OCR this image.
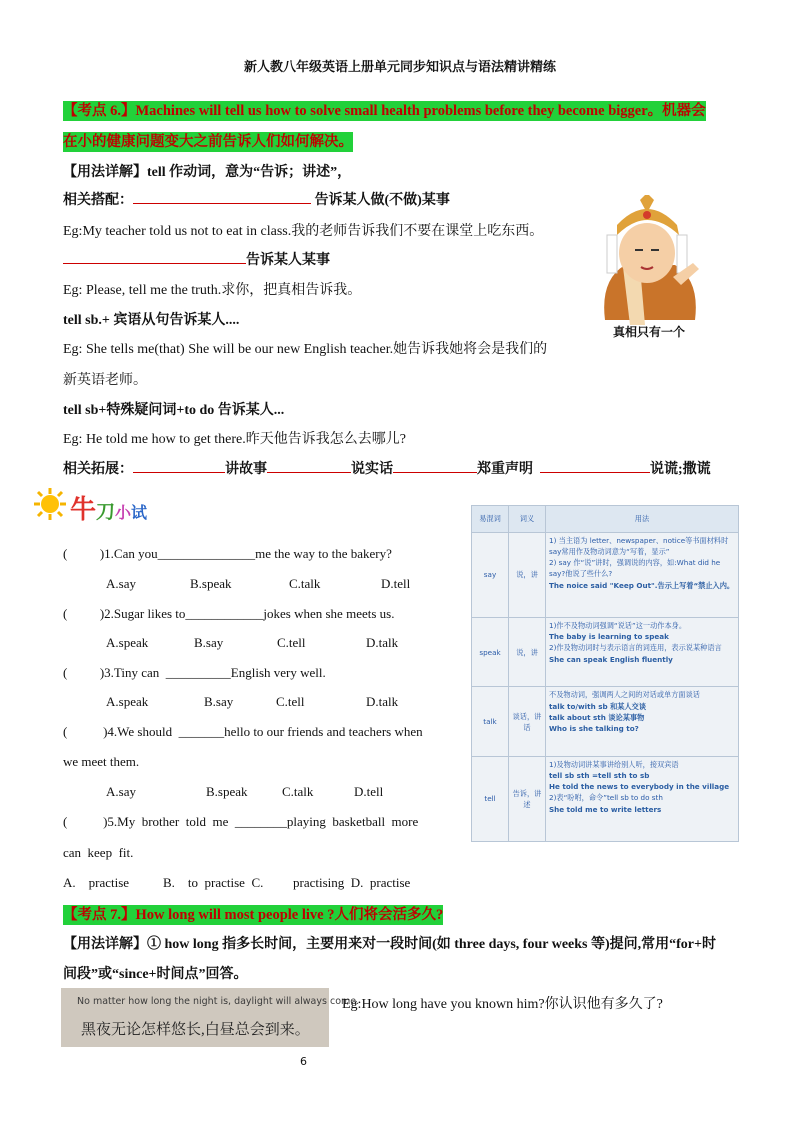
新人教八年级英语上册单元同步知识点与语法精讲精练
【考点 6.】Machines will tell us how to solve small health problems before they become bigger。机器会
在小的健康问题变大之前告诉人们如何解决。
【用法详解】tell 作动词，意为“告诉；讲述”，
相关搭配：	告诉某人做(不做)某事
Eg:My teacher told us not to eat in class.我的老师告诉我们不要在课堂上吃东西。
告诉某人某事
Eg: Please, tell me the truth.求你，把真相告诉我。
tell sb.+ 宾语从句告诉某人....
Eg: She tells me(that) She will be our new English teacher.她告诉我她将会是我们的
新英语老师。
tell sb+特殊疑问词+to do 告诉某人...
Eg: He told me how to get there.昨天他告诉我怎么去哪儿?
相关拓展：	讲故事	说实话	郑重声明	说谎;撒谎
真相只有一个
牛刀小试
(          )1.Can you_______________me the way to the bakery?
A.say	B.speak	C.talk	D.tell
(          )2.Sugar likes to____________jokes when she meets us.
A.speak	B.say	C.tell	D.talk
(          )3.Tiny can  __________English very well.
A.speak	B.say	C.tell	D.talk
(           )4.We should  _______hello to our friends and teachers when
we meet them.
A.say	B.speak	C.talk	D.tell
(           )5.My  brother  told  me  ________playing  basketball  more
can  keep  fit.
A.    practise	B.    to  practise  C. practising  D.  practise
易混词	词义	用法
say	说，讲	1) 当主语为 letter、newspaper、notice等书面材料时
say常用作及物动词意为“写着，显示”
2) say 作“说”讲时，强调说的内容，如:What did he
say?他说了些什么?
The noice said "Keep Out".告示上写着“禁止入内。

speak	说，讲	1)作不及物动词强调“说话”这一动作本身。
The baby is learning to speak
2)作及物动词时与表示语言的词连用，表示说某种语言
She can speak English fluently

talk	谈话，讲话	不及物动词，强调两人之间的对话或单方面谈话
talk to/with sb 和某人交谈
talk about sth 谈论某事物
Who is she talking to?

tell	告诉，讲述	1)及物动词讲某事讲给别人听，接双宾语
tell sb sth =tell sth to sb
He told the news to everybody in the village
2)表“吩咐，命令”tell sb to do sth
She told me to write letters
【考点 7.】How long will most people live ?人们将会活多久?
【用法详解】① how long 指多长时间，主要用来对一段时间(如 three days, four weeks 等)提问,常用“for+时
间段”或“since+时间点”回答。
No matter how long the night is, daylight will always come.
黑夜无论怎样悠长,白昼总会到来。
Eg:How long have you known him?你认识他有多久了?
6
